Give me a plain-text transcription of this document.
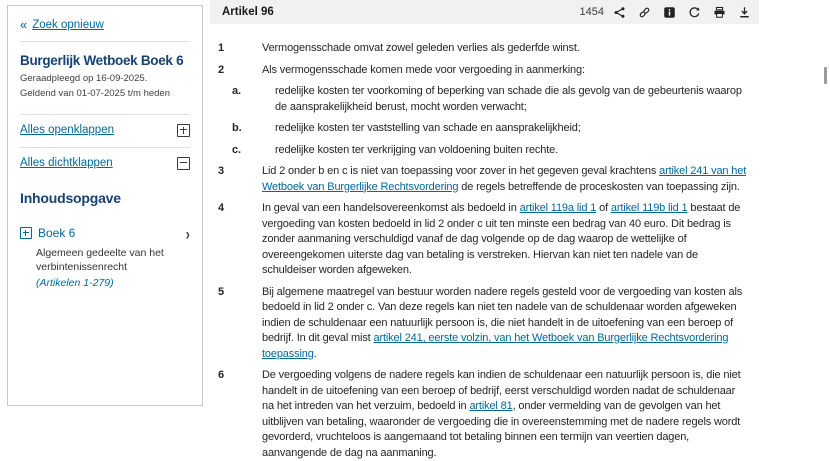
« Zoek opnieuw
Burgerlijk Wetboek Boek 6
Geraadpleegd op 16-09-2025.
Geldend van 01-07-2025 t/m heden
Alles openklappen
Alles dichtklappen
Inhoudsopgave
Boek 6	›
Algemeen gedeelte van het verbintenissenrecht
(Artikelen 1-279)
Artikel 96	1454
1	Vermogensschade omvat zowel geleden verlies als gederfde winst.
2	Als vermogensschade komen mede voor vergoeding in aanmerking:
a.	redelijke kosten ter voorkoming of beperking van schade die als gevolg van de gebeurtenis waarop de aansprakelijkheid berust, mocht worden verwacht;
b.	redelijke kosten ter vaststelling van schade en aansprakelijkheid;
c.	redelijke kosten ter verkrijging van voldoening buiten rechte.
3	Lid 2 onder b en c is niet van toepassing voor zover in het gegeven geval krachtens artikel 241 van het Wetboek van Burgerlijke Rechtsvordering de regels betreffende de proceskosten van toepassing zijn.
4	In geval van een handelsovereenkomst als bedoeld in artikel 119a lid 1 of artikel 119b lid 1 bestaat de vergoeding van kosten bedoeld in lid 2 onder c uit ten minste een bedrag van 40 euro. Dit bedrag is zonder aanmaning verschuldigd vanaf de dag volgende op de dag waarop de wettelijke of overeengekomen uiterste dag van betaling is verstreken. Hiervan kan niet ten nadele van de schuldeiser worden afgeweken.
5	Bij algemene maatregel van bestuur worden nadere regels gesteld voor de vergoeding van kosten als bedoeld in lid 2 onder c. Van deze regels kan niet ten nadele van de schuldenaar worden afgeweken indien de schuldenaar een natuurlijk persoon is, die niet handelt in de uitoefening van een beroep of bedrijf. In dit geval mist artikel 241, eerste volzin, van het Wetboek van Burgerlijke Rechtsvordering toepassing.
6	De vergoeding volgens de nadere regels kan indien de schuldenaar een natuurlijk persoon is, die niet handelt in de uitoefening van een beroep of bedrijf, eerst verschuldigd worden nadat de schuldenaar na het intreden van het verzuim, bedoeld in artikel 81, onder vermelding van de gevolgen van het uitblijven van betaling, waaronder de vergoeding die in overeenstemming met de nadere regels wordt gevorderd, vruchteloos is aangemaand tot betaling binnen een termijn van veertien dagen, aanvangende de dag na aanmaning.
